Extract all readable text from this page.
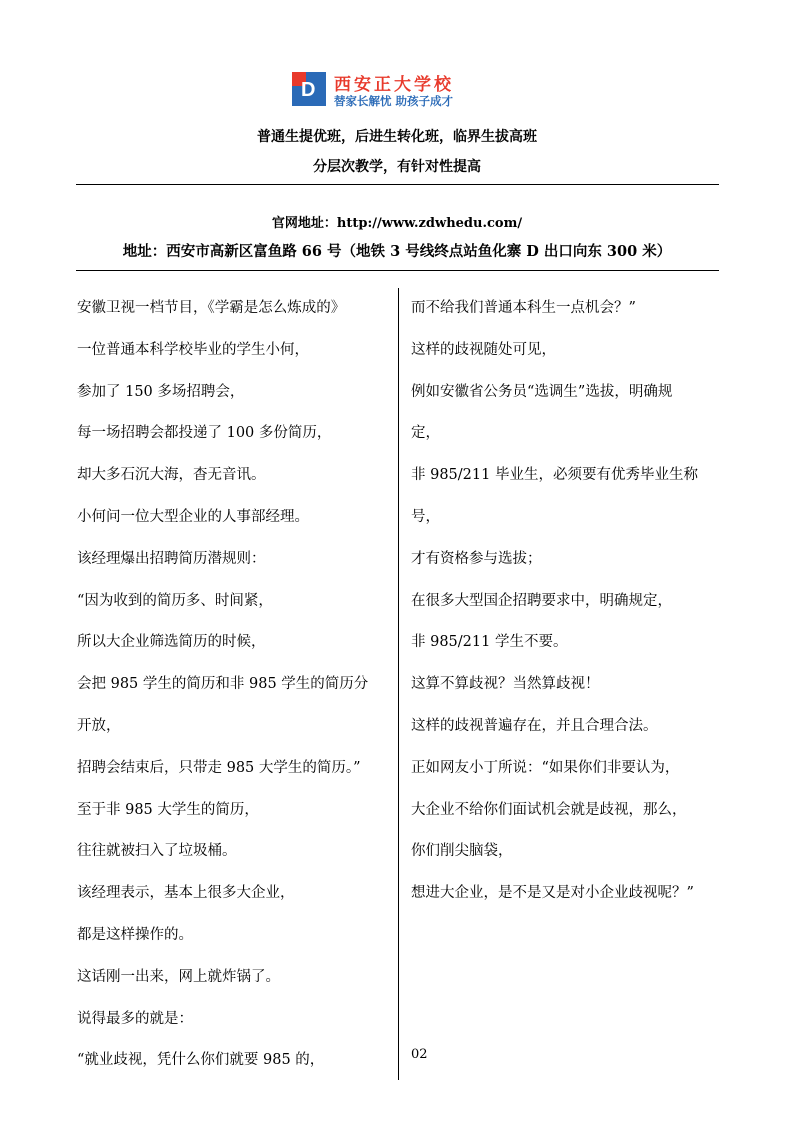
D 西安正大学校
替家长解忧 助孩子成才
普通生提优班，后进生转化班，临界生拔高班
分层次教学，有针对性提高
官网地址：http://www.zdwhedu.com/
地址：西安市高新区富鱼路 66 号（地铁 3 号线终点站鱼化寨 D 出口向东 300 米）

安徽卫视一档节目，《学霸是怎么炼成的》

一位普通本科学校毕业的学生小何，

参加了 150 多场招聘会，

每一场招聘会都投递了 100 多份简历，

却大多石沉大海，杳无音讯。

小何问一位大型企业的人事部经理。

该经理爆出招聘简历潜规则：

“因为收到的简历多、时间紧，

所以大企业筛选简历的时候，

会把 985 学生的简历和非 985 学生的简历分

开放，

招聘会结束后，只带走 985 大学生的简历。”

至于非 985 大学生的简历，

往往就被扫入了垃圾桶。

该经理表示，基本上很多大企业，

都是这样操作的。

这话刚一出来，网上就炸锅了。

说得最多的就是：

“就业歧视，凭什么你们就要 985 的，

而不给我们普通本科生一点机会？”

这样的歧视随处可见，

例如安徽省公务员“选调生”选拔，明确规

定，

非 985/211 毕业生，必须要有优秀毕业生称

号，

才有资格参与选拔；

在很多大型国企招聘要求中，明确规定，

非 985/211 学生不要。

这算不算歧视？当然算歧视！

这样的歧视普遍存在，并且合理合法。

正如网友小丁所说：“如果你们非要认为，

大企业不给你们面试机会就是歧视，那么，

你们削尖脑袋，

想进大企业，是不是又是对小企业歧视呢？”

02
